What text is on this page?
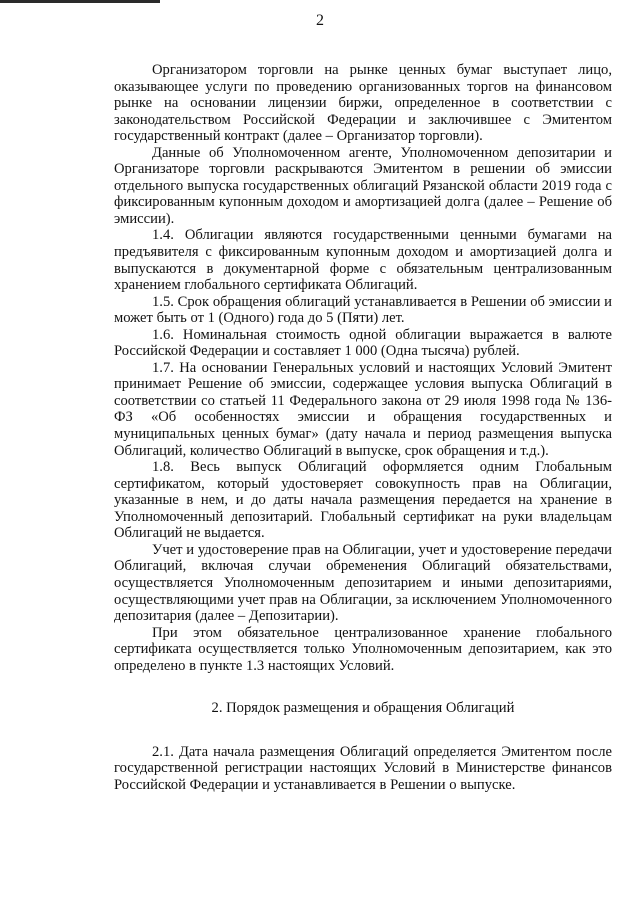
2

Организатором торговли на рынке ценных бумаг выступает лицо, оказывающее услуги по проведению организованных торгов на финансовом рынке на основании лицензии биржи, определенное в соответствии с законодательством Российской Федерации и заключившее с Эмитентом государственный контракт (далее – Организатор торговли).

Данные об Уполномоченном агенте, Уполномоченном депозитарии и Организаторе торговли раскрываются Эмитентом в решении об эмиссии отдельного выпуска государственных облигаций Рязанской области 2019 года с фиксированным купонным доходом и амортизацией долга (далее – Решение об эмиссии).

1.4. Облигации являются государственными ценными бумагами на предъявителя с фиксированным купонным доходом и амортизацией долга и выпускаются в документарной форме с обязательным централизованным хранением глобального сертификата Облигаций.

1.5. Срок обращения облигаций устанавливается в Решении об эмиссии и может быть от 1 (Одного) года до 5 (Пяти) лет.

1.6. Номинальная стоимость одной облигации выражается в валюте Российской Федерации и составляет 1 000 (Одна тысяча) рублей.

1.7. На основании Генеральных условий и настоящих Условий Эмитент принимает Решение об эмиссии, содержащее условия выпуска Облигаций в соответствии со статьей 11 Федерального закона от 29 июля 1998 года № 136-ФЗ «Об особенностях эмиссии и обращения государственных и муниципальных ценных бумаг» (дату начала и период размещения выпуска Облигаций, количество Облигаций в выпуске, срок обращения и т.д.).

1.8. Весь выпуск Облигаций оформляется одним Глобальным сертификатом, который удостоверяет совокупность прав на Облигации, указанные в нем, и до даты начала размещения передается на хранение в Уполномоченный депозитарий. Глобальный сертификат на руки владельцам Облигаций не выдается.

Учет и удостоверение прав на Облигации, учет и удостоверение передачи Облигаций, включая случаи обременения Облигаций обязательствами, осуществляется Уполномоченным депозитарием и иными депозитариями, осуществляющими учет прав на Облигации, за исключением Уполномоченного депозитария (далее – Депозитарии).

При этом обязательное централизованное хранение глобального сертификата осуществляется только Уполномоченным депозитарием, как это определено в пункте 1.3 настоящих Условий.

2. Порядок размещения и обращения Облигаций

2.1. Дата начала размещения Облигаций определяется Эмитентом после государственной регистрации настоящих Условий в Министерстве финансов Российской Федерации и устанавливается в Решении о выпуске.
